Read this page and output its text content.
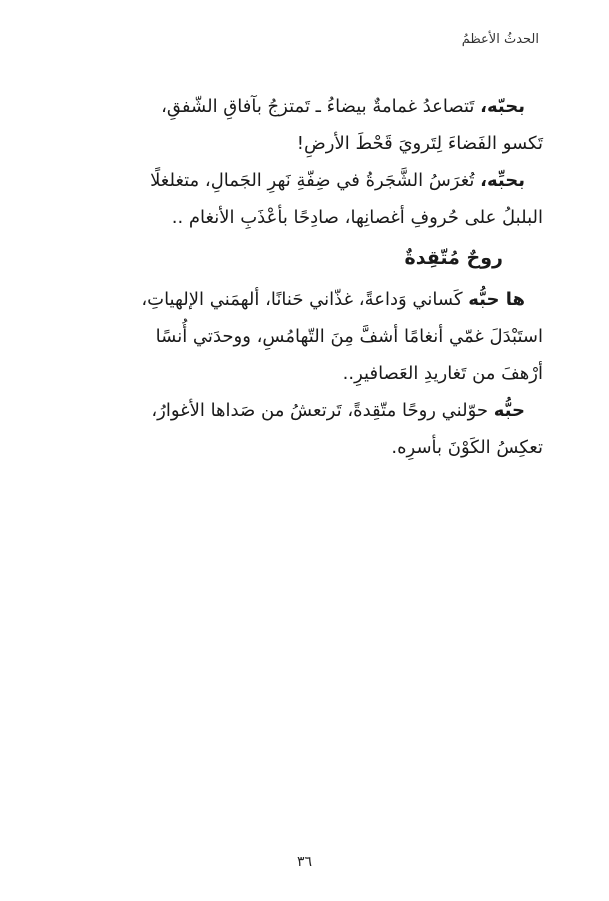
الحدثُ الأعظمُ

بحبّه، تَتصاعدُ غمامةٌ بيضاءُ ـ تَمتزجُ بآفاقِ الشّفقِ،
تَكسو الفَضاءَ لِتَرويَ قَحْطَ الأرضِ!

بحبِّه، تُغرَسُ الشَّجَرةُ في ضِفّةِ نَهرِ الجَمالِ، متغلغلًا
البلبلُ على حُروفِ أغصانِها، صادِحًا بأعْذَبِ الأنغام ..

روحٌ مُتّقِدةٌ

ها حبُّه كَساني وَداعةً، غذّاني حَنانًا، ألهمَني الإلهياتِ،
استَبْدَلَ غمّي أنغامًا أشفَّ مِنَ التّهامُسِ، ووحدَتي أُنسًا
أرْهفَ من تَغاريدِ العَصافيرِ..

حبُّه حوّلني روحًا متّقِدةً، تَرتعشُ من صَداها الأغوارُ،
تعكِسُ الكَوْنَ بأسرِه.

٣٦
